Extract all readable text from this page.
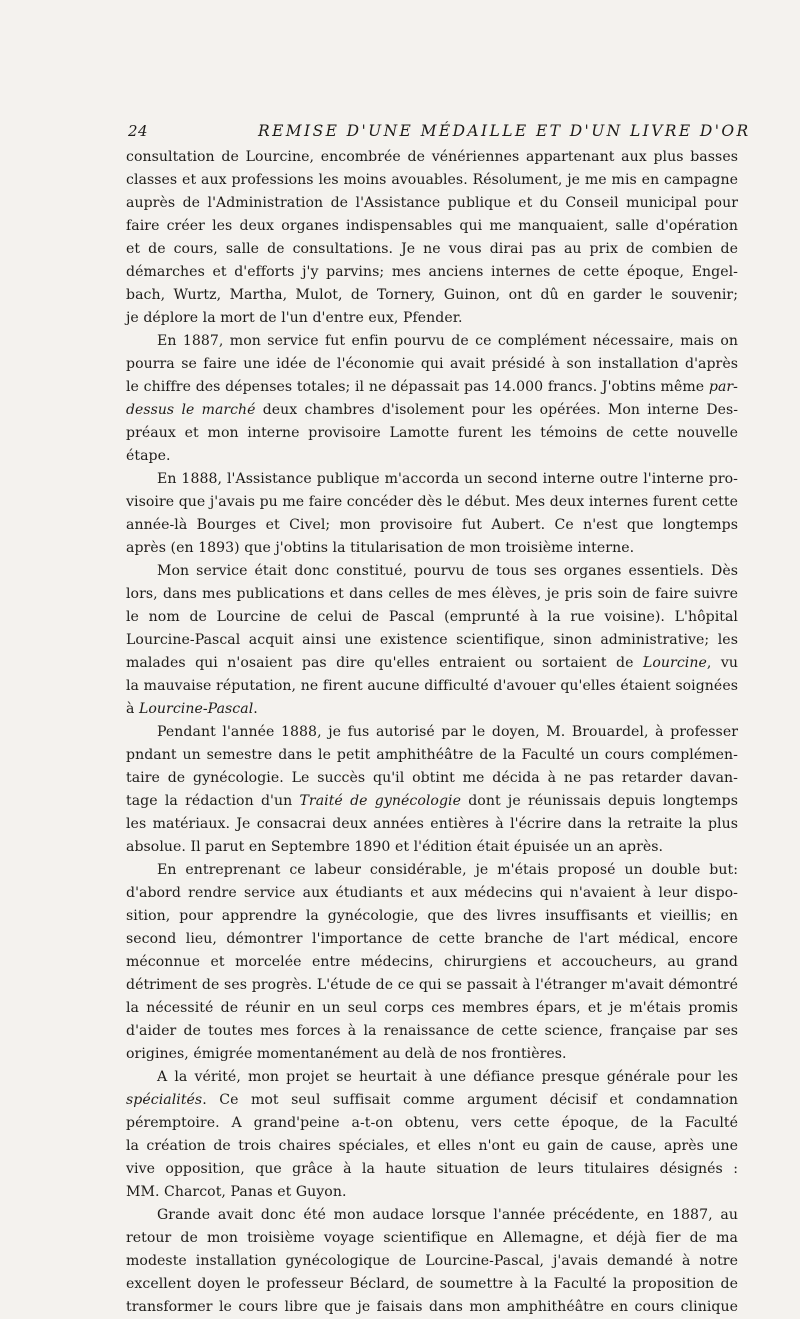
24	REMISE D'UNE MÉDAILLE ET D'UN LIVRE D'OR
consultation de Lourcine, encombrée de vénériennes appartenant aux plus basses
classes et aux professions les moins avouables. Résolument, je me mis en campagne
auprès de l'Administration de l'Assistance publique et du Conseil municipal pour
faire créer les deux organes indispensables qui me manquaient, salle d'opération
et de cours, salle de consultations. Je ne vous dirai pas au prix de combien de
démarches et d'efforts j'y parvins; mes anciens internes de cette époque, Engel-
bach, Wurtz, Martha, Mulot, de Tornery, Guinon, ont dû en garder le souvenir;
je déplore la mort de l'un d'entre eux, Pfender.
En 1887, mon service fut enfin pourvu de ce complément nécessaire, mais on
pourra se faire une idée de l'économie qui avait présidé à son installation d'après
le chiffre des dépenses totales; il ne dépassait pas 14.000 francs. J'obtins même par-
dessus le marché deux chambres d'isolement pour les opérées. Mon interne Des-
préaux et mon interne provisoire Lamotte furent les témoins de cette nouvelle
étape.
En 1888, l'Assistance publique m'accorda un second interne outre l'interne pro-
visoire que j'avais pu me faire concéder dès le début. Mes deux internes furent cette
année-là Bourges et Civel; mon provisoire fut Aubert. Ce n'est que longtemps
après (en 1893) que j'obtins la titularisation de mon troisième interne.
Mon service était donc constitué, pourvu de tous ses organes essentiels. Dès
lors, dans mes publications et dans celles de mes élèves, je pris soin de faire suivre
le nom de Lourcine de celui de Pascal (emprunté à la rue voisine). L'hôpital
Lourcine-Pascal acquit ainsi une existence scientifique, sinon administrative; les
malades qui n'osaient pas dire qu'elles entraient ou sortaient de Lourcine, vu
la mauvaise réputation, ne firent aucune difficulté d'avouer qu'elles étaient soignées
à Lourcine-Pascal.
Pendant l'année 1888, je fus autorisé par le doyen, M. Brouardel, à professer
pndant un semestre dans le petit amphithéâtre de la Faculté un cours complémen-
taire de gynécologie. Le succès qu'il obtint me décida à ne pas retarder davan-
tage la rédaction d'un Traité de gynécologie dont je réunissais depuis longtemps
les matériaux. Je consacrai deux années entières à l'écrire dans la retraite la plus
absolue. Il parut en Septembre 1890 et l'édition était épuisée un an après.
En entreprenant ce labeur considérable, je m'étais proposé un double but:
d'abord rendre service aux étudiants et aux médecins qui n'avaient à leur dispo-
sition, pour apprendre la gynécologie, que des livres insuffisants et vieillis; en
second lieu, démontrer l'importance de cette branche de l'art médical, encore
méconnue et morcelée entre médecins, chirurgiens et accoucheurs, au grand
détriment de ses progrès. L'étude de ce qui se passait à l'étranger m'avait démontré
la nécessité de réunir en un seul corps ces membres épars, et je m'étais promis
d'aider de toutes mes forces à la renaissance de cette science, française par ses
origines, émigrée momentanément au delà de nos frontières.
A la vérité, mon projet se heurtait à une défiance presque générale pour les
spécialités. Ce mot seul suffisait comme argument décisif et condamnation
péremptoire. A grand'peine a-t-on obtenu, vers cette époque, de la Faculté
la création de trois chaires spéciales, et elles n'ont eu gain de cause, après une
vive opposition, que grâce à la haute situation de leurs titulaires désignés :
MM. Charcot, Panas et Guyon.
Grande avait donc été mon audace lorsque l'année précédente, en 1887, au
retour de mon troisième voyage scientifique en Allemagne, et déjà fier de ma
modeste installation gynécologique de Lourcine-Pascal, j'avais demandé à notre
excellent doyen le professeur Béclard, de soumettre à la Faculté la proposition de
transformer le cours libre que je faisais dans mon amphithéâtre en cours clinique
